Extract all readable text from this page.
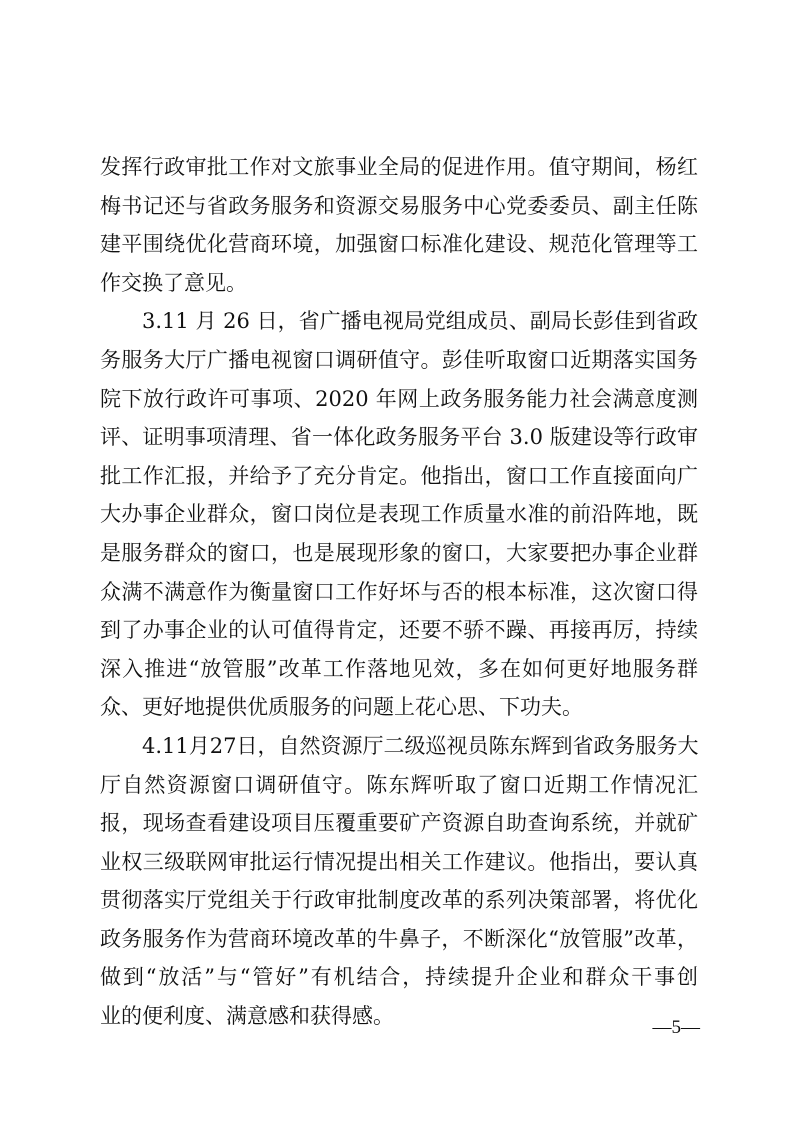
发挥行政审批工作对文旅事业全局的促进作用。值守期间，杨红
梅书记还与省政务服务和资源交易服务中心党委委员、副主任陈
建平围绕优化营商环境，加强窗口标准化建设、规范化管理等工
作交换了意见。
3.11 月 26 日，省广播电视局党组成员、副局长彭佳到省政
务服务大厅广播电视窗口调研值守。彭佳听取窗口近期落实国务
院下放行政许可事项、2020 年网上政务服务能力社会满意度测
评、证明事项清理、省一体化政务服务平台 3.0 版建设等行政审
批工作汇报，并给予了充分肯定。他指出，窗口工作直接面向广
大办事企业群众，窗口岗位是表现工作质量水准的前沿阵地，既
是服务群众的窗口，也是展现形象的窗口，大家要把办事企业群
众满不满意作为衡量窗口工作好坏与否的根本标准，这次窗口得
到了办事企业的认可值得肯定，还要不骄不躁、再接再厉，持续
深入推进“放管服”改革工作落地见效，多在如何更好地服务群
众、更好地提供优质服务的问题上花心思、下功夫。
4.11月27日，自然资源厅二级巡视员陈东辉到省政务服务大
厅自然资源窗口调研值守。陈东辉听取了窗口近期工作情况汇
报，现场查看建设项目压覆重要矿产资源自助查询系统，并就矿
业权三级联网审批运行情况提出相关工作建议。他指出，要认真
贯彻落实厅党组关于行政审批制度改革的系列决策部署，将优化
政务服务作为营商环境改革的牛鼻子，不断深化“放管服”改革，
做到“放活”与“管好”有机结合，持续提升企业和群众干事创
业的便利度、满意感和获得感。	—5—
